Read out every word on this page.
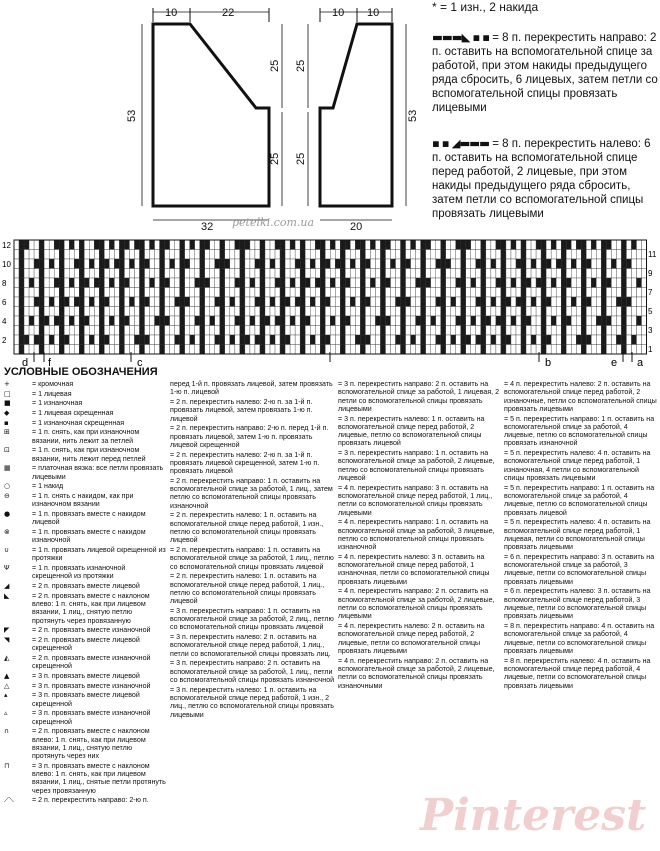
10	22
32
53
25
25
10 10
20
25
25
53
petelki.com.ua
* = 1 изн., 2 накида
▬▬▬◣ ▪ ▪ = 8 п. перекрестить направо: 2 п. оставить на вспомогательной спице за работой, при этом накиды предыдущего ряда сбросить, 6 лицевых, затем петли со вспомогательной спицы провязать лицевыми
▪ ▪ ◢▬▬▬ = 8 п. перекрестить налево: 6 п. оставить на вспомогательной спице перед работой, 2 лицевые, при этом накиды предыдущего ряда сбросить, затем петли со вспомогательной спицы провязать лицевыми
12
10
8
6
4
2
11
9
7
5
3
1
d f	c	b	e a
УСЛОВНЫЕ ОБОЗНАЧЕНИЯ
+	= кромочная
□	= 1 лицевая
■	= 1 изнаночная
◆	= 1 лицевая скрещенная
▪	= 1 изнаночная скрещенная
⊞	= 1 п. снять, как при изнаночном вязании, нить лежит за петлей
⊡	= 1 п. снять, как при изнаночном вязании, нить лежит перед петлей
▦	= платочная вязка: все петли провязать лицевыми
○	= 1 накид
⊖	= 1 п. снять с накидом, как при изнаночном вязании
●	= 1 п. провязать вместе с накидом лицевой
⊗	= 1 п. провязать вместе с накидом изнаночной
∪	= 1 п. провязать лицевой скрещенной из протяжки
Ψ	= 1 п. провязать изнаночной скрещенной из протяжки
◢	= 2 п. провязать вместе лицевой
◣	= 2 п. провязать вместе с наклоном влево: 1 п. снять, как при лицевом вязании, 1 лиц., снятую петлю протянуть через провязанную
◤	= 2 п. провязать вместе изнаночной
◥	= 2 п. провязать вместе лицевой скрещенной
◭	= 2 п. провязать вместе изнаночной скрещенной
▲	= 3 п. провязать вместе лицевой
△	= 3 п. провязать вместе изнаночной
▴	= 3 п. провязать вместе лицевой скрещенной
▵	= 3 п. провязать вместе изнаночной скрещенной
∩	= 2 п. провязать вместе с наклоном влево: 1 п. снять, как при лицевом вязании, 1 лиц., снятую петлю протянуть через них
⊓	= 3 п. провязать вместе с наклоном влево: 1 п. снять, как при лицевом вязании, 1 лиц., снятые петли протянуть через провязанную
⟋⟍	= 2 п. перекрестить направо: 2-ю п.
перед 1-й п. провязать лицевой, затем провязать 1-ю п. лицевой
= 2 п. перекрестить налево: 2-ю п. за 1-й п. провязать лицевой, затем провязать 1-ю п. лицевой
= 2 п. перекрестить направо: 2-ю п. перед 1-й п. провязать лицевой, затем 1-ю п. провязать лицевой скрещенной
= 2 п. перекрестить налево: 2-ю п. за 1-й п. провязать лицевой скрещенной, затем 1-ю п. провязать лицевой
= 2 п. перекрестить направо: 1 п. оставить на вспомогательной спице за работой, 1 лиц., затем петлю со вспомогательной спицы провязать изнаночной
= 2 п. перекрестить налево: 1 п. оставить на вспомогательной спице перед работой, 1 изн., петлю со вспомогательной спицы провязать лицевой
= 2 п. перекрестить направо: 1 п. оставить на вспомогательной спице за работой, 1 лиц., петлю со вспомогательной спицы провязать лицевой
= 2 п. перекрестить налево: 1 п. оставить на вспомогательной спице перед работой, 1 лиц., петлю со вспомогательной спицы провязать лицевой
= 3 п. перекрестить направо: 1 п. оставить на вспомогательной спице за работой, 2 лиц., петлю со вспомогательной спицы провязать лицевой
= 3 п. перекрестить налево: 2 п. оставить на вспомогательной спице перед работой, 1 лиц., петли со вспомогательной спицы провязать лиц.
= 3 п. перекрестить направо: 2 п. оставить на вспомогательной спице за работой, 1 лиц., петли со вспомогательной спицы провязать изнаночной
= 3 п. перекрестить налево: 1 п. оставить на вспомогательной спице перед работой, 1 изн., 2 лиц., петлю со вспомогательной спицы провязать лицевыми
= 3 п. перекрестить направо: 2 п. оставить на вспомогательной спице за работой, 1 лицевая, 2 петли со вспомогательной спицы провязать лицевыми
= 3 п. перекрестить налево: 1 п. оставить на вспомогательной спице перед работой, 2 лицевые, петлю со вспомогательной спицы провязать лицевой
= 3 п. перекрестить направо: 1 п. оставить на вспомогательной спице за работой, 2 лицевые, петлю со вспомогательной спицы провязать лицевой
= 4 п. перекрестить направо: 3 п. оставить на вспомогательной спице перед работой, 1 лиц., петли со вспомогательной спицы провязать лицевыми
= 4 п. перекрестить направо: 1 п. оставить на вспомогательной спице за работой, 3 лицевые, петлю со вспомогательной спицы провязать изнаночной
= 4 п. перекрестить налево: 3 п. оставить на вспомогательной спице перед работой, 1 изнаночная, петли со вспомогательной спицы провязать лицевыми
= 4 п. перекрестить направо: 2 п. оставить на вспомогательной спице за работой, 2 лицевые, петли со вспомогательной спицы провязать лицевыми
= 4 п. перекрестить налево: 2 п. оставить на вспомогательной спице перед работой, 2 лицевые, петли со вспомогательной спицы провязать лицевыми
= 4 п. перекрестить направо: 2 п. оставить на вспомогательной спице за работой, 2 лицевые, петли со вспомогательной спицы провязать изнаночными
= 4 п. перекрестить налево: 2 п. оставить на вспомогательной спице перед работой, 2 изнаночные, петли со вспомогательной спицы провязать лицевыми
= 5 п. перекрестить направо: 1 п. оставить на вспомогательной спице за работой, 4 лицевые, петлю со вспомогательной спицы провязать изнаночной
= 5 п. перекрестить налево: 4 п. оставить на вспомогательной спице перед работой, 1 изнаночная, 4 петли со вспомогательной спицы провязать лицевыми
= 5 п. перекрестить направо: 1 п. оставить на вспомогательной спице за работой, 4 лицевые, петлю со вспомогательной спицы провязать лицевой
= 5 п. перекрестить налево: 4 п. оставить на вспомогательной спице перед работой, 1 лицевая, петли со вспомогательной спицы провязать лицевыми
= 6 п. перекрестить направо: 3 п. оставить на вспомогательной спице за работой, 3 лицевые, петли со вспомогательной спицы провязать лицевыми
= 6 п. перекрестить налево: 3 п. оставить на вспомогательной спице перед работой, 3 лицевые, петли со вспомогательной спицы провязать лицевыми
= 8 п. перекрестить направо: 4 п. оставить на вспомогательной спице за работой, 4 лицевые, петли со вспомогательной спицы провязать лицевыми
= 8 п. перекрестить налево: 4 п. оставить на вспомогательной спице перед работой, 4 лицевые, петли со вспомогательной спицы провязать лицевыми
Pinterest
